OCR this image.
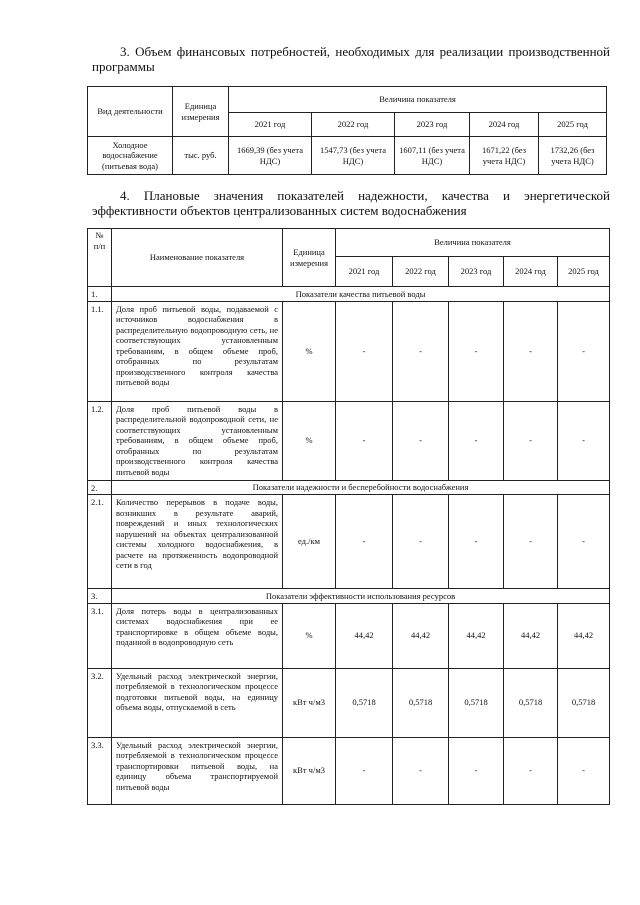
3. Объем финансовых потребностей, необходимых для реализации производственной программы
Вид деятельности	Единица измерения	Величина показателя				
		2021 год	2022 год	2023 год	2024 год	2025 год
Холодное водоснабжение (питьевая вода)	тыс. руб.	1669,39 (без учета НДС)	1547,73 (без учета НДС)	1607,11 (без учета НДС)	1671,22 (без учета НДС)	1732,26 (без учета НДС)
4. Плановые значения показателей надежности, качества и энергетической эффективности объектов централизованных систем водоснабжения
№ п/п	Наименование показателя	Единица измерения	Величина показателя				
			2021 год	2022 год	2023 год	2024 год	2025 год
1.	Показатели качества питьевой воды						
1.1.	Доля проб питьевой воды, подаваемой с источников водоснабжения в распределительную водопроводную сеть, не соответствующих установленным требованиям, в общем объеме проб, отобранных по результатам производственного контроля качества питьевой воды	%	-	-	-	-	-
1.2.	Доля проб питьевой воды в распределительной водопроводной сети, не соответствующих установленным требованиям, в общем объеме проб, отобранных по результатам производственного контроля качества питьевой воды	%	-	-	-	-	-
2.	Показатели надежности и бесперебойности водоснабжения						
2.1.	Количество перерывов в подаче воды, возникших в результате аварий, повреждений и иных технологических нарушений на объектах централизованной системы холодного водоснабжения, в расчете на протяженность водопроводной сети в год	ед./км	-	-	-	-	-
3.	Показатели эффективности использования ресурсов						
3.1.	Доля потерь воды в централизованных системах водоснабжения при ее транспортировке в общем объеме воды, поданной в водопроводную сеть	%	44,42	44,42	44,42	44,42	44,42
3.2.	Удельный расход электрической энергии, потребляемой в технологическом процессе подготовки питьевой воды, на единицу объема воды, отпускаемой в сеть	кВт ч/м3	0,5718	0,5718	0,5718	0,5718	0,5718
3.3.	Удельный расход электрической энергии, потребляемой в технологическом процессе транспортировки питьевой воды, на единицу объема транспортируемой питьевой воды	кВт ч/м3	-	-	-	-	-
